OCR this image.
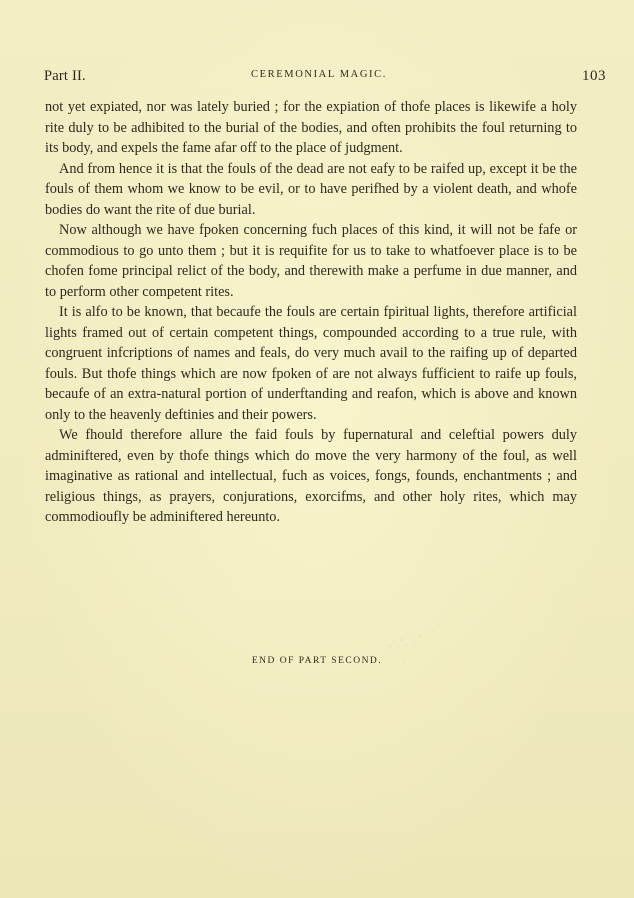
Part II.	CEREMONIAL MAGIC.	103

not yet expiated, nor was lately buried ; for the expiation of thofe places is likewife a holy rite duly to be adhibited to the burial of the bodies, and often prohibits the foul returning to its body, and expels the fame afar off to the place of judgment.

And from hence it is that the fouls of the dead are not eafy to be raifed up, except it be the fouls of them whom we know to be evil, or to have perifhed by a violent death, and whofe bodies do want the rite of due burial.

Now although we have fpoken concerning fuch places of this kind, it will not be fafe or commodious to go unto them ; but it is requifite for us to take to whatfoever place is to be chofen fome principal relict of the body, and therewith make a perfume in due manner, and to perform other competent rites.

It is alfo to be known, that becaufe the fouls are certain fpiritual lights, therefore artificial lights framed out of certain competent things, compounded according to a true rule, with congruent infcriptions of names and feals, do very much avail to the raifing up of departed fouls. But thofe things which are now fpoken of are not always fufficient to raife up fouls, becaufe of an extra-natural portion of underftanding and reafon, which is above and known only to the heavenly deftinies and their powers.

We fhould therefore allure the faid fouls by fupernatural and celeftial powers duly adminiftered, even by thofe things which do move the very harmony of the foul, as well imaginative as rational and intellectual, fuch as voices, fongs, founds, enchantments ; and religious things, as prayers, conjurations, exorcifms, and other holy rites, which may commodioufly be adminiftered hereunto.

END OF PART SECOND.
